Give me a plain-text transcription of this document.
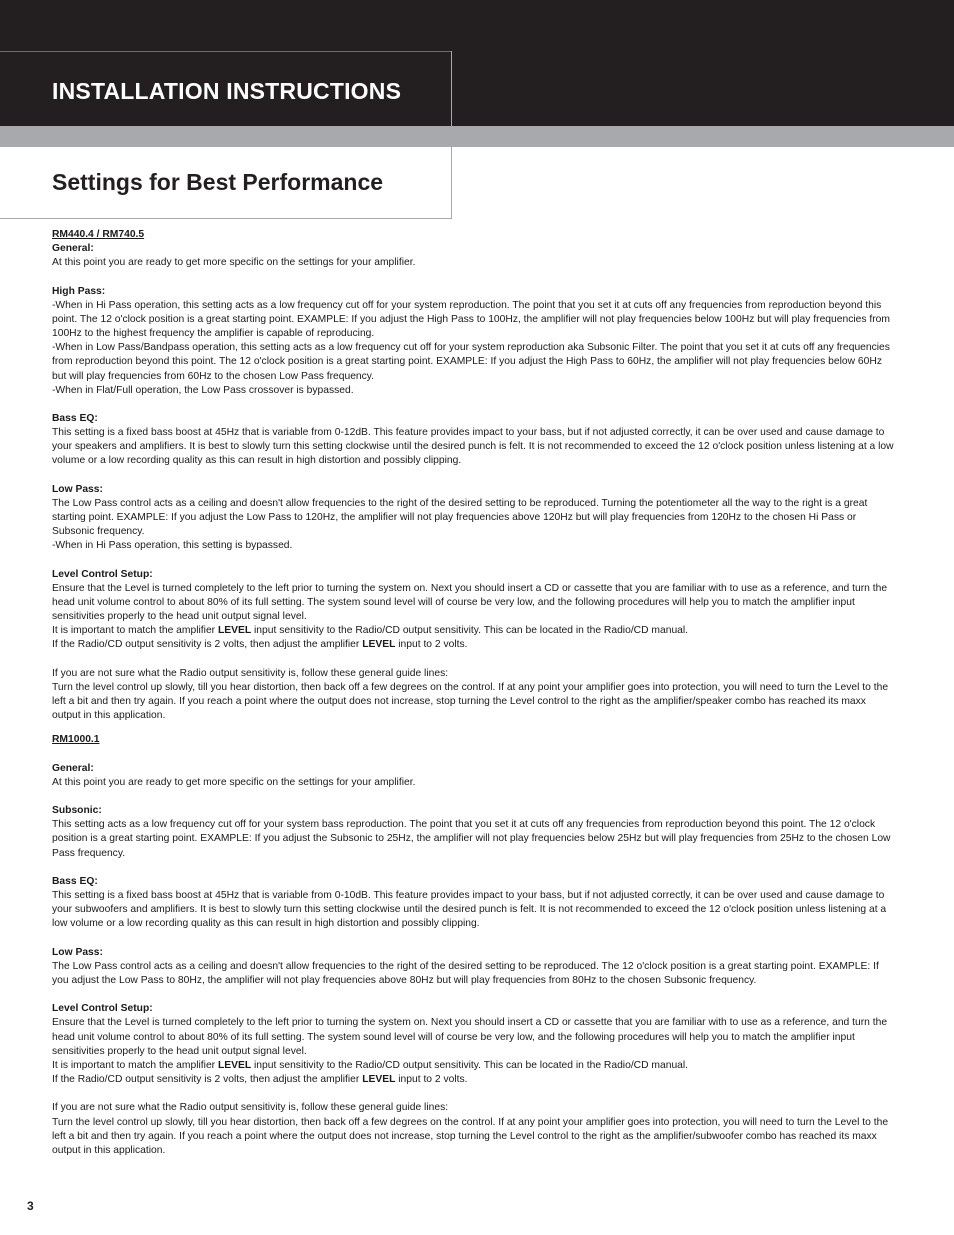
INSTALLATION INSTRUCTIONS
Settings for Best Performance

RM440.4 / RM740.5

General:

At this point you are ready to get more specific on the settings for your amplifier.

High Pass:

-When in Hi Pass operation, this setting acts as a low frequency cut off for your system reproduction. The point that you set it at cuts off any frequencies from reproduction beyond this point. The 12 o'clock position is a great starting point. EXAMPLE: If you adjust the High Pass to 100Hz, the amplifier will not play frequencies below 100Hz but will play frequencies from 100Hz to the highest frequency the amplifier is capable of reproducing.

-When in Low Pass/Bandpass operation, this setting acts as a low frequency cut off for your system reproduction aka Subsonic Filter. The point that you set it at cuts off any frequencies from reproduction beyond this point. The 12 o'clock position is a great starting point. EXAMPLE: If you adjust the High Pass to 60Hz, the amplifier will not play frequencies below 60Hz but will play frequencies from 60Hz to the chosen Low Pass frequency.

-When in Flat/Full operation, the Low Pass crossover is bypassed.

Bass EQ:

This setting is a fixed bass boost at 45Hz that is variable from 0-12dB. This feature provides impact to your bass, but if not adjusted correctly, it can be over used and cause damage to your speakers and amplifiers. It is best to slowly turn this setting clockwise until the desired punch is felt. It is not recommended to exceed the 12 o'clock position unless listening at a low volume or a low recording quality as this can result in high distortion and possibly clipping.

Low Pass:

The Low Pass control acts as a ceiling and doesn't allow frequencies to the right of the desired setting to be reproduced. Turning the potentiometer all the way to the right is a great starting point. EXAMPLE: If you adjust the Low Pass to 120Hz, the amplifier will not play frequencies above 120Hz but will play frequencies from 120Hz to the chosen Hi Pass or Subsonic frequency.

-When in Hi Pass operation, this setting is bypassed.

Level Control Setup:

Ensure that the Level is turned completely to the left prior to turning the system on. Next you should insert a CD or cassette that you are familiar with to use as a reference, and turn the head unit volume control to about 80% of its full setting. The system sound level will of course be very low, and the following procedures will help you to match the amplifier input sensitivities properly to the head unit output signal level.

It is important to match the amplifier LEVEL input sensitivity to the Radio/CD output sensitivity. This can be located in the Radio/CD manual.

If the Radio/CD output sensitivity is 2 volts, then adjust the amplifier LEVEL input to 2 volts.

If you are not sure what the Radio output sensitivity is, follow these general guide lines:

Turn the level control up slowly, till you hear distortion, then back off a few degrees on the control. If at any point your amplifier goes into protection, you will need to turn the Level to the left a bit and then try again. If you reach a point where the output does not increase, stop turning the Level control to the right as the amplifier/speaker combo has reached its maxx output in this application.

RM1000.1

General:

At this point you are ready to get more specific on the settings for your amplifier.

Subsonic:

This setting acts as a low frequency cut off for your system bass reproduction. The point that you set it at cuts off any frequencies from reproduction beyond this point. The 12 o'clock position is a great starting point. EXAMPLE: If you adjust the Subsonic to 25Hz, the amplifier will not play frequencies below 25Hz but will play frequencies from 25Hz to the chosen Low Pass frequency.

Bass EQ:

This setting is a fixed bass boost at 45Hz that is variable from 0-10dB. This feature provides impact to your bass, but if not adjusted correctly, it can be over used and cause damage to your subwoofers and amplifiers. It is best to slowly turn this setting clockwise until the desired punch is felt. It is not recommended to exceed the 12 o'clock position unless listening at a low volume or a low recording quality as this can result in high distortion and possibly clipping.

Low Pass:

The Low Pass control acts as a ceiling and doesn't allow frequencies to the right of the desired setting to be reproduced. The 12 o'clock position is a great starting point. EXAMPLE: If you adjust the Low Pass to 80Hz, the amplifier will not play frequencies above 80Hz but will play frequencies from 80Hz to the chosen Subsonic frequency.

Level Control Setup:

Ensure that the Level is turned completely to the left prior to turning the system on. Next you should insert a CD or cassette that you are familiar with to use as a reference, and turn the head unit volume control to about 80% of its full setting. The system sound level will of course be very low, and the following procedures will help you to match the amplifier input sensitivities properly to the head unit output signal level.

It is important to match the amplifier LEVEL input sensitivity to the Radio/CD output sensitivity. This can be located in the Radio/CD manual.

If the Radio/CD output sensitivity is 2 volts, then adjust the amplifier LEVEL input to 2 volts.

If you are not sure what the Radio output sensitivity is, follow these general guide lines:

Turn the level control up slowly, till you hear distortion, then back off a few degrees on the control. If at any point your amplifier goes into protection, you will need to turn the Level to the left a bit and then try again. If you reach a point where the output does not increase, stop turning the Level control to the right as the amplifier/subwoofer combo has reached its maxx output in this application.

3
